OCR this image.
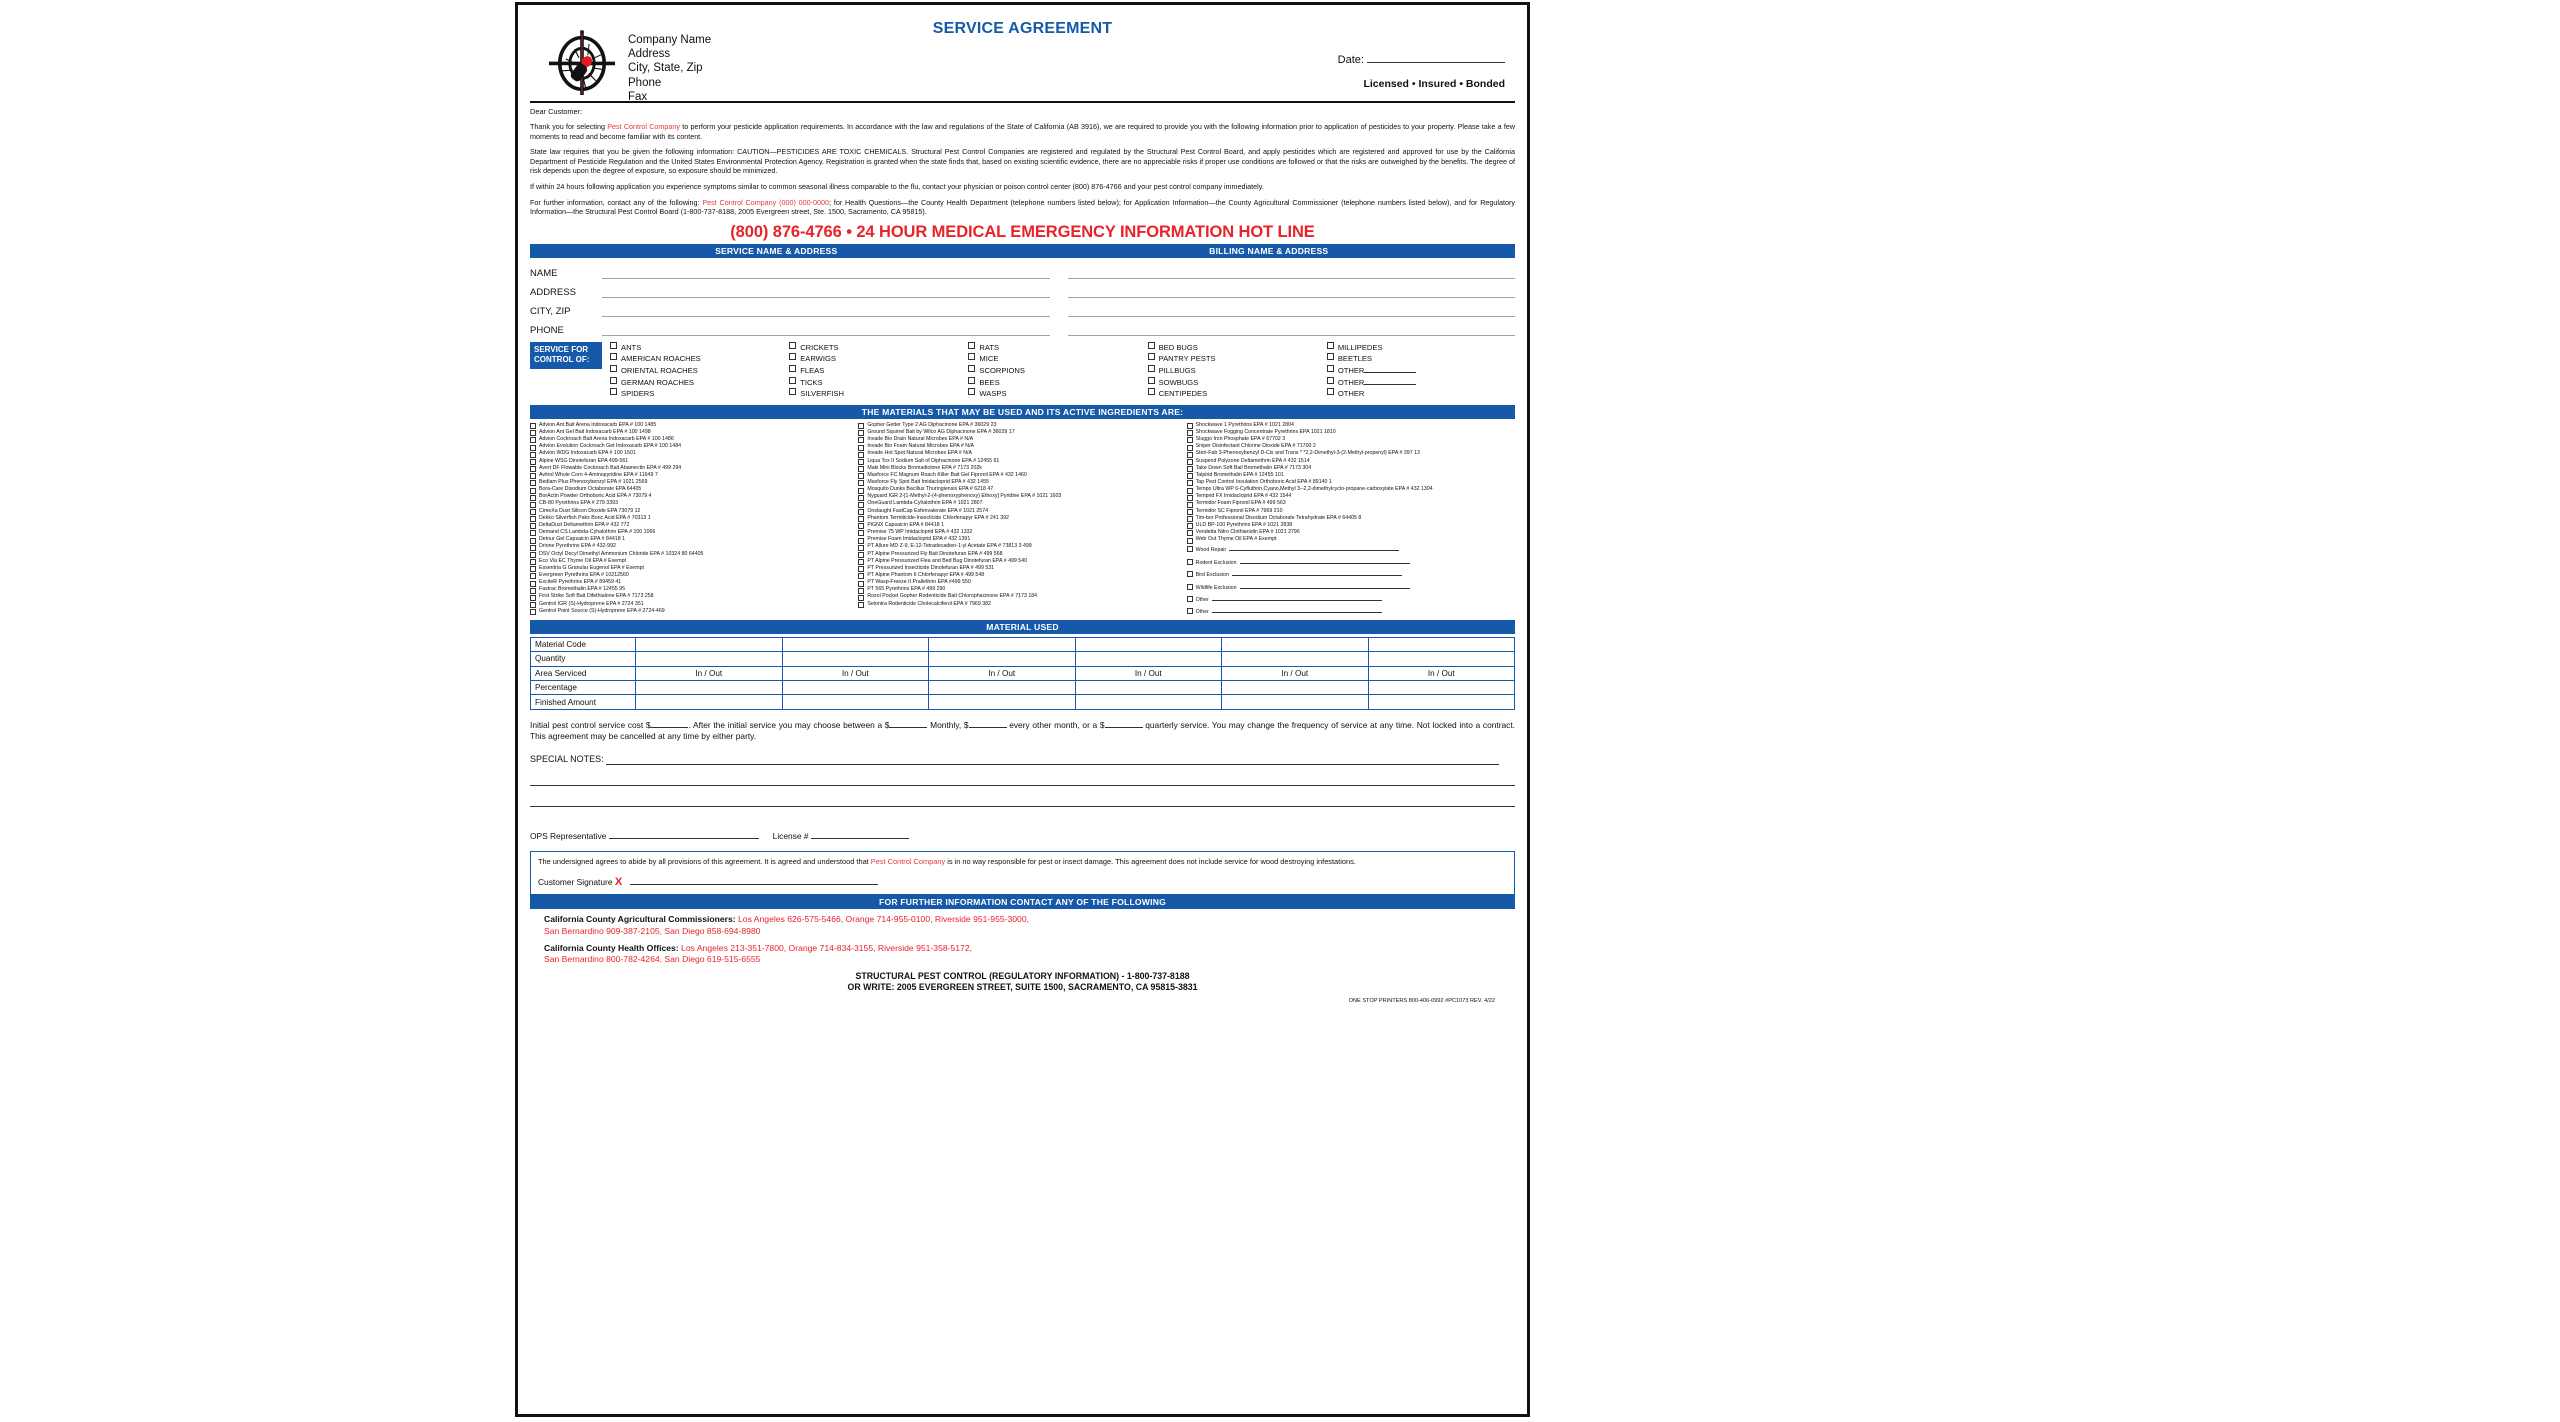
SERVICE AGREEMENT
Company Name
Address
City, State, Zip
Phone
Fax
Date:
Licensed • Insured • Bonded
Dear Customer:

Thank you for selecting Pest Control Company to perform your pesticide application requirements. In accordance with the law and regulations of the State of California (AB 3916), we are required to provide you with the following information prior to application of pesticides to your property. Please take a few moments to read and become familiar with its content.

State law requires that you be given the following information: CAUTION—PESTICIDES ARE TOXIC CHEMICALS. Structural Pest Control Companies are registered and regulated by the Structural Pest Control Board, and apply pesticides which are registered and approved for use by the California Department of Pesticide Regulation and the United States Environmental Protection Agency. Registration is granted when the state finds that, based on existing scientific evidence, there are no appreciable risks if proper use conditions are followed or that the risks are outweighed by the benefits. The degree of risk depends upon the degree of exposure, so exposure should be minimized.

If within 24 hours following application you experience symptoms similar to common seasonal illness comparable to the flu, contact your physician or poison control center (800) 876-4766 and your pest control company immediately.

For further information, contact any of the following: Pest Control Company (000) 000-0000; for Health Questions—the County Health Department (telephone numbers listed below); for Application Information—the County Agricultural Commissioner (telephone numbers listed below), and for Regulatory Information—the Structural Pest Control Board (1-800-737-8188, 2005 Evergreen street, Ste. 1500, Sacramento, CA 95815).

(800) 876-4766 • 24 HOUR MEDICAL EMERGENCY INFORMATION HOT LINE
SERVICE NAME & ADDRESS	BILLING NAME & ADDRESS
NAME
ADDRESS
CITY, ZIP
PHONE
SERVICE FOR
CONTROL OF:
ANTS
AMERICAN ROACHES
ORIENTAL ROACHES
GERMAN ROACHES
SPIDERS
CRICKETS
EARWIGS
FLEAS
TICKS
SILVERFISH
RATS
MICE
SCORPIONS
BEES
WASPS
BED BUGS
PANTRY PESTS
PILLBUGS
SOWBUGS
CENTIPEDES
MILLIPEDES
BEETLES
OTHER
OTHER
OTHER
THE MATERIALS THAT MAY BE USED AND ITS ACTIVE INGREDIENTS ARE:
Advion Ant Bait Arena Indoxacarb EPA # 100 1485
Advion Ant Gel Bait Indoxacarb EPA # 100 1498
Advion Cockroach Bait Arena Indoxacarb EPA # 100 1486
Advion Evolution Cockroach Get Indoxacarb EPA # 100 1484
Advion WDG Indoxacarb EPA # 100 1501
Alpine WSG Dinotefuran EPA 499-561
Avert DF Flowable Cockroach Bait Abamectin EPA # 499 294
Avitrol Whole Corn 4-Aminopyridine EPA # 11649 7
Bedlam Plus Phenoxybenzyl EPA # 1021 2569
Bora-Care Disodium Octaborate EPA 64405
BorActin Powder Orthoboric Acid EPA # 73079 4
CB-80 Pyrethrins EPA # 279 3393
CimeXa Dust Silicon Dioxide EPA 73079 12
Dekko Silverfish Paks Boric Acid EPA # 70313 1
DeltaDust Deltamethrin EPA # 432 772
Demand CS Lambda-Cyhalothrin EPA # 100 1066
Detour Gel Capsaicin EPA # 84418 1
Drione Pyrethrins EPA # 432-992
DSV Octyl Decyl Dimethyl Ammonium Chloride EPA # 10324 80 64405
Eco Via EC Thyme Oil EPA # Exempt
Essentria G Granular Eugenol EPA # Exempt
Evergreen Pyrethrins EPA # 10212560
ExciteR Pyrethrins EPA # 89459 41
Fastrac Bromethalin EPA # 12455 95
First Strike Soft Bait Difethialone EPA # 7173 258
Gentrol IGR (S)-Hydroprene EPA # 2724 351
Gentrol Point Source (S)-Hydroprene EPA # 2724-469
Gopher Getter Type 2 AG Diphacinone EPA # 36029 23
Ground Squirrel Bait by Wilco AG Diphacinone EPA # 36029 17
Invade Bio Drain Natural Microbes EPA # N/A
Invade Bio Foam Natural Microbes EPA # N/A
Invade Hot Spot Natural Microbes EPA # N/A
Liqua Tox II Sodium Salt of Diphacinone EPA # 12455 61
Maki Mini Blocks Bromadiolone EPA # 7173 202k
Maxforce FC Magnum Roach Killer Bait Gel Fipronil EPA # 432 1460
Maxforce Fly Spot Bait Imidacloprid EPA # 432 1455
Mosquito Dunks Bacillus Thuringiensis EPA # 6218 47
Nyguard IGR 2-[1-Methyl-2-(4-phenoxyphenoxy) Ethoxy] Pyridine EPA # 1021 1603
OneGuard Lambda-Cyhalothrin EPA # 1021 2807
Onslaught FastCap Esfenvalerate EPA # 1021 2574
Phantom Termiticide-Insecticide Chlorfenapyr EPA # 241 392
PiGNX Capsaicin EPA # 84418 1
Premise 75 WP Imidacloprid EPA # 432 1332
Premise Foam Imidacloprid EPA # 432 1391
PT Allure MD Z-9, E-12-Tetradecadien-1-yl Acetate EPA # 73813 3 499
PT Alpine Pressurized Fly Bait Dinotefuran EPA # 499 568
PT Alpine Pressurized Flea and Bed Bug Dinotefuran EPA # 499 540
PT Pressurized Insecticide Dinotefuran EPA # 499 531
PT Alpine Phantom II Chlorfenapyr EPA # 499 548
PT Wasp-Freeze II Prallethrin EPA #499 550
PT 565 Pyrethrins EPA # 499 290
Rozol Pocket Gopher Rodenticide Bait Chlorophacinone EPA # 7173 184
Selontra Rodenticide Cholecalciferol EPA # 7969 382
Shockwave 1 Pyrethrins EPA # 1021 2804
Shockwave Fogging Concentrate Pyrethrins EPA 1021 1810
Sluggo Iron Phosphate EPA # 67702 3
Sniper Disinfectant Chlorine Dioxide EPA # 71700 2
Steri-Fab 3-Phenoxybenzyl D-Cis and Trans * *2,2-Dimethyl-3-(2-Methyl-propenyl) EPA # 397 13
Suspend Polyzone Deltamethrin EPA # 432 1514
Take Down Soft Bail Bromethalin EPA # 7173 304
Talpirid Bromethalin EPA # 12455 101
Tap Pest Control Insulation Orthoboric Acid EPA # 89140 1
Tempo Ultra WP 6-Cyfluthrin,Cyano,Methyl 3--2,2-dimethylcyclo-propane-carboxylate EPA # 432 1304
Temprid FX Imidacloprid EPA # 432 1544
Termidor Foam Fipronil EPA # 499 563
Termidor SC Fipronil EPA # 7969 210
Tim-bor Professional Disodium Octaborate Tetrahydrate EPA # 64405 8
ULD BP-100 Pyrethrins EPA # 1021 2838
Vendetta Nitro Clothianidin EPA # 1021 2796
Web Out Thyme Oil EPA # Exempt
Wood Repair
Rodent Exclusion
Bird Exclusion
Wildlife Exclusion
Other
Other
MATERIAL USED
Material Code						
Quantity						
Area Serviced	In / Out	In / Out	In / Out	In / Out	In / Out	In / Out
Percentage						
Finished Amount						
Initial pest control service cost $	. After the initial service you may choose between a $	Monthly, $	every other month, or a $	quarterly service. You may change the frequency of service at any time. Not locked into a contract. This agreement may be cancelled at any time by either party.
SPECIAL NOTES:
OPS Representative	License #
The undersigned agrees to abide by all provisions of this agreement. It is agreed and understood that Pest Control Company is in no way responsible for pest or insect damage. This agreement does not include service for wood destroying infestations.
Customer Signature X
FOR FURTHER INFORMATION CONTACT ANY OF THE FOLLOWING
California County Agricultural Commissioners: Los Angeles 626-575-5466, Orange 714-955-0100, Riverside 951-955-3000,
San Bernardino 909-387-2105, San Diego 858-694-8980
California County Health Offices: Los Angeles 213-351-7800, Orange 714-834-3155, Riverside 951-358-5172,
San Bernardino 800-782-4264, San Diego 619-515-6555
STRUCTURAL PEST CONTROL (REGULATORY INFORMATION) - 1-800-737-8188
OR WRITE: 2005 EVERGREEN STREET, SUITE 1500, SACRAMENTO, CA 95815-3831
ONE STOP PRINTERS 800-406-0992 #PC1073 REV. 4/22
